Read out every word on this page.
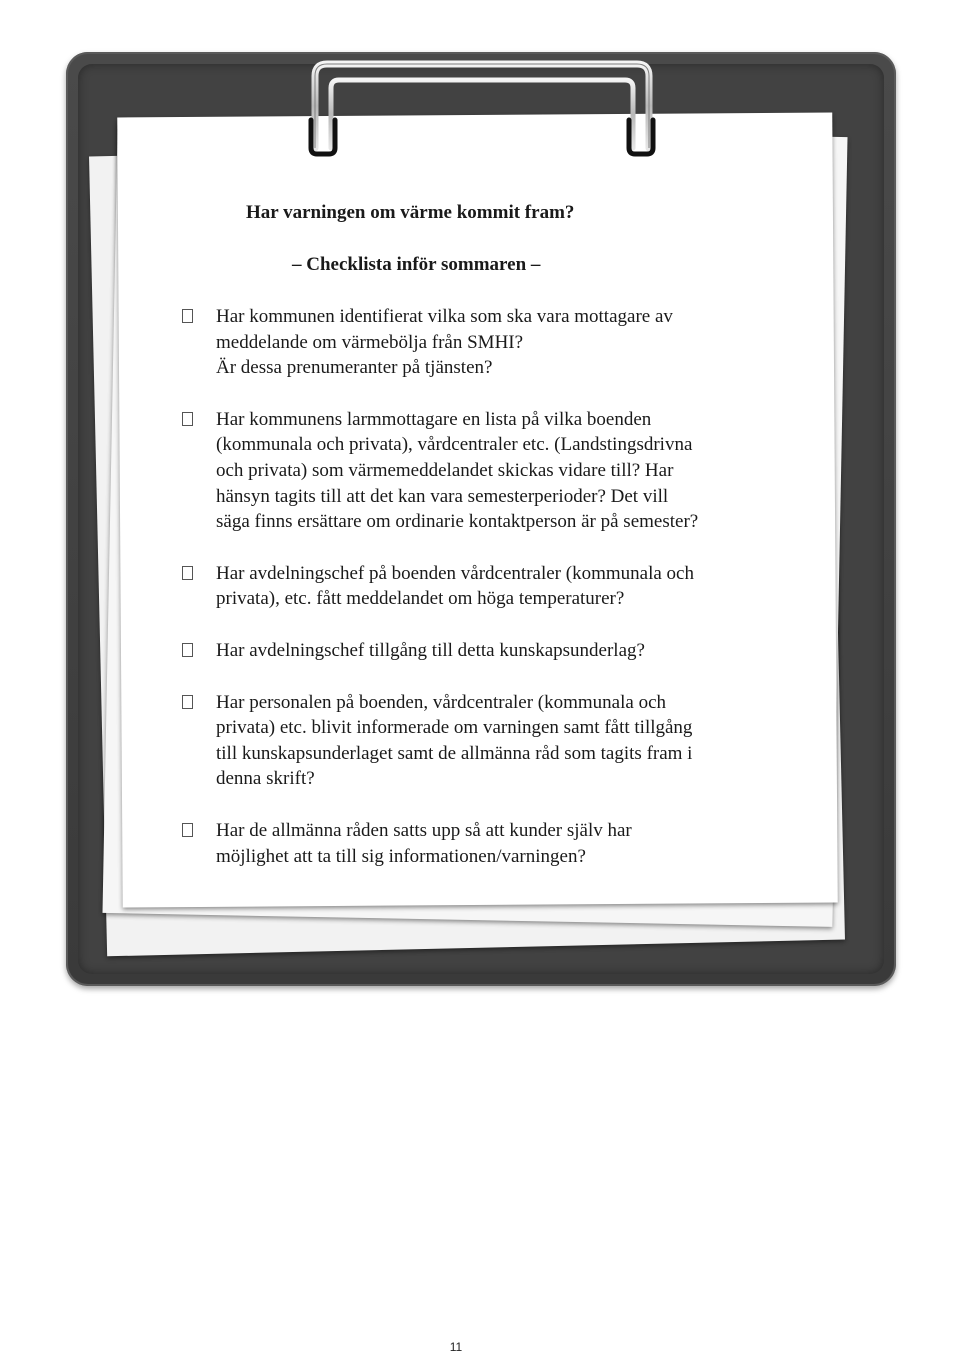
Har varningen om värme kommit fram?
– Checklista inför sommaren –
Har kommunen identifierat vilka som ska vara mottagare av
meddelande om värmebölja från SMHI?
Är dessa prenumeranter på tjänsten?
Har kommunens larmmottagare en lista på vilka boenden
(kommunala och privata), vårdcentraler etc. (Landstingsdrivna
och privata) som värmemeddelandet skickas vidare till? Har
hänsyn tagits till att det kan vara semesterperioder? Det vill
säga finns ersättare om ordinarie kontaktperson är på semester?
Har avdelningschef på boenden vårdcentraler (kommunala och
privata), etc. fått meddelandet om höga temperaturer?
Har avdelningschef tillgång till detta kunskapsunderlag?
Har personalen på boenden, vårdcentraler (kommunala och
privata) etc. blivit informerade om varningen samt fått tillgång
till kunskapsunderlaget samt de allmänna råd som tagits fram i
denna skrift?
Har de allmänna råden satts upp så att kunder själv har
möjlighet att ta till sig informationen/varningen?
11
